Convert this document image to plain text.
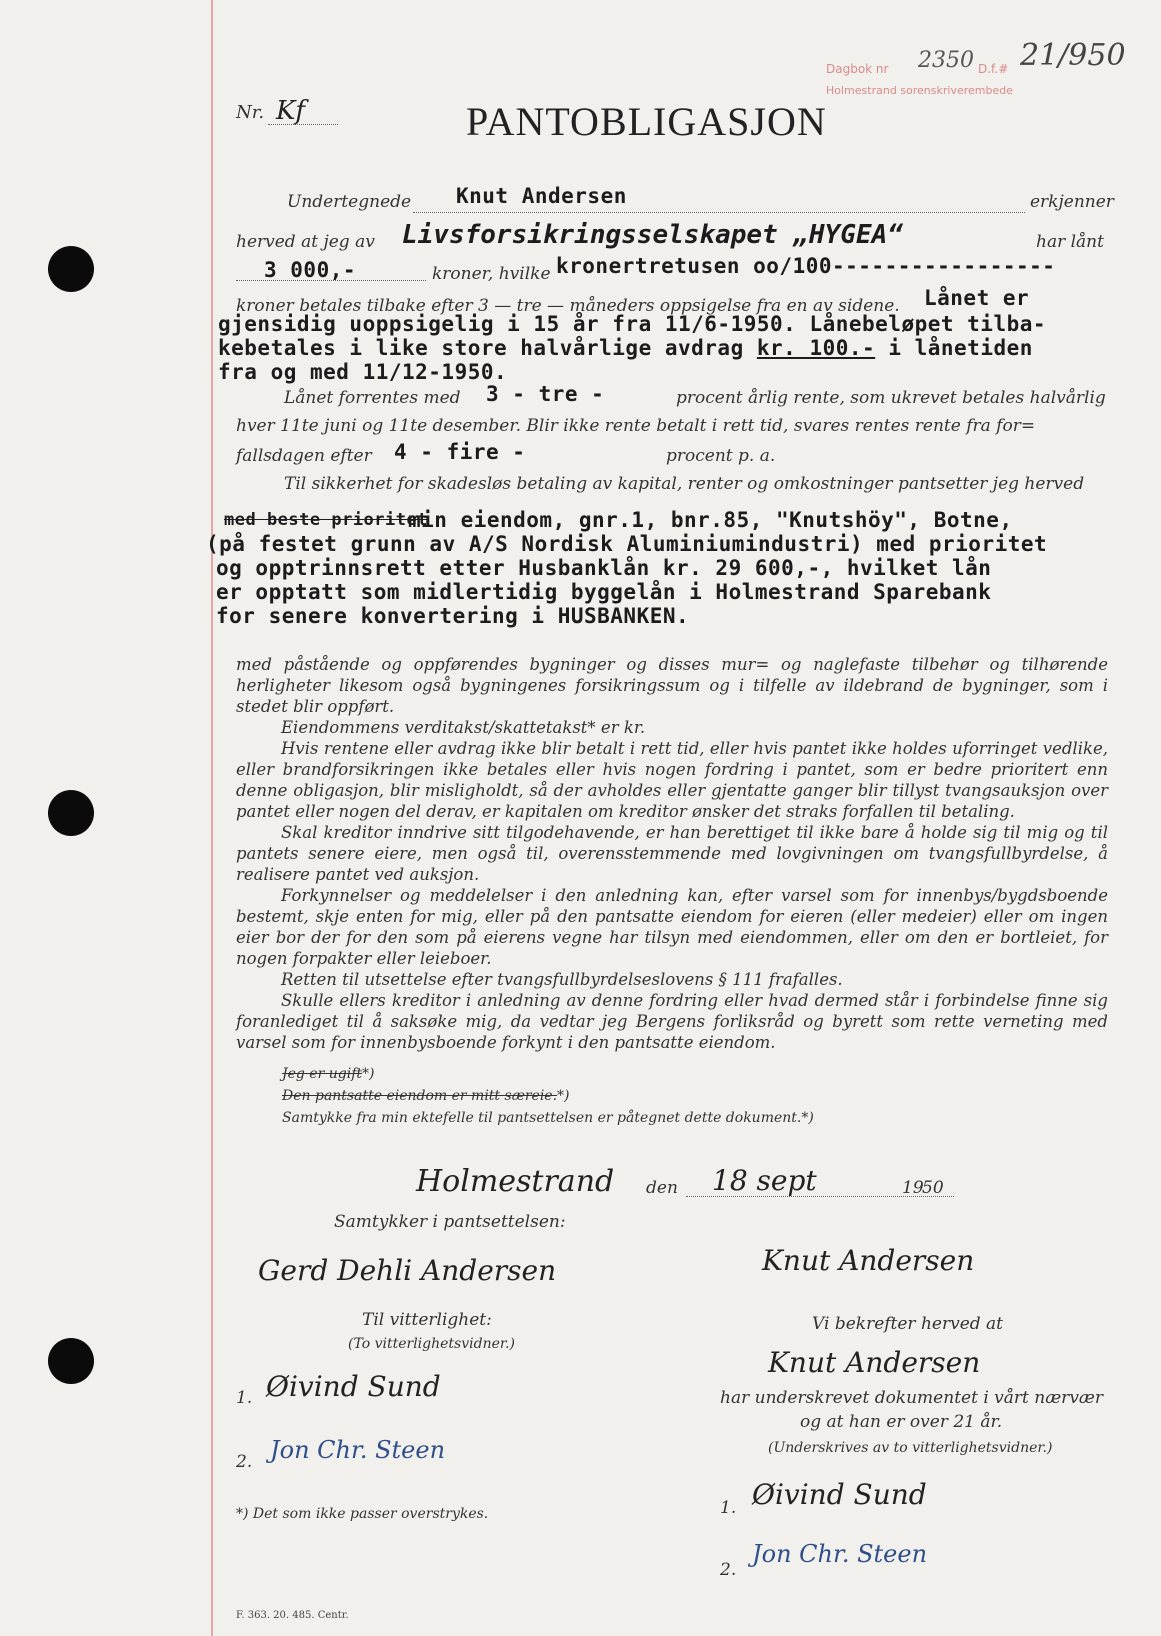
Dagbok nr 2350 D.f.#
Holmestrand sorenskriverembede
21/950
Nr. Kf	PANTOBLIGASJON
Undertegnede Knut Andersen	erkjenner
herved at jeg av Livsforsikringsselskapet „HYGEA“	har lånt
3 000,-	kroner, hvilke kronertretusen oo/100-----------------
kroner betales tilbake efter 3 — tre — måneders oppsigelse fra en av sidene. Lånet er
gjensidig uoppsigelig i 15 år fra 11/6-1950. Lånebeløpet tilba-
kebetales i like store halvårlige avdrag kr. 100.- i lånetiden
fra og med 11/12-1950.
Lånet forrentes med 3 - tre -	procent årlig rente, som ukrevet betales halvårlig
hver 11te juni og 11te desember. Blir ikke rente betalt i rett tid, svares rentes rente fra for=
fallsdagen efter 4 - fire -	procent p. a.
Til sikkerhet for skadesløs betaling av kapital, renter og omkostninger pantsetter jeg herved
med beste prioritet
min eiendom, gnr.1, bnr.85, "Knutshöy", Botne,
(på festet grunn av A/S Nordisk Aluminiumindustri) med prioritet
og opptrinnsrett etter Husbanklån kr. 29 600,-, hvilket lån
er opptatt som midlertidig byggelån i Holmestrand Sparebank
for senere konvertering i HUSBANKEN.

med påstående og oppførendes bygninger og disses mur= og naglefaste tilbehør og tilhørende herligheter likesom også bygningenes forsikringssum og i tilfelle av ildebrand de bygninger, som i stedet blir oppført.

Eiendommens verditakst/skattetakst* er kr.

Hvis rentene eller avdrag ikke blir betalt i rett tid, eller hvis pantet ikke holdes uforringet vedlike, eller brandforsikringen ikke betales eller hvis nogen fordring i pantet, som er bedre prioritert enn denne obligasjon, blir misligholdt, så der avholdes eller gjentatte ganger blir tillyst tvangsauksjon over pantet eller nogen del derav, er kapitalen om kreditor ønsker det straks forfallen til betaling.

Skal kreditor inndrive sitt tilgodehavende, er han berettiget til ikke bare å holde sig til mig og til pantets senere eiere, men også til, overensstemmende med lovgivningen om tvangsfullbyrdelse, å realisere pantet ved auksjon.

Forkynnelser og meddelelser i den anledning kan, efter varsel som for innenbys/bygdsboende bestemt, skje enten for mig, eller på den pantsatte eiendom for eieren (eller medeier) eller om ingen eier bor der for den som på eierens vegne har tilsyn med eiendommen, eller om den er bortleiet, for nogen forpakter eller leieboer.

Retten til utsettelse efter tvangsfullbyrdelseslovens § 111 frafalles.

Skulle ellers kreditor i anledning av denne fordring eller hvad dermed står i forbindelse finne sig foranlediget til å saksøke mig, da vedtar jeg Bergens forliksråd og byrett som rette verneting med varsel som for innenbysboende forkynt i den pantsatte eiendom.

Jeg er ugift*)
Den pantsatte eiendom er mitt særeie.*)
Samtykke fra min ektefelle til pantsettelsen er påtegnet dette dokument.*)
Holmestrand den 18 sept	19
50
Samtykker i pantsettelsen:
Gerd Dehli Andersen	Knut Andersen
Til vitterlighet:
(To vitterlighetsvidner.)
1. Øivind Sund
2. Jon Chr. Steen
*) Det som ikke passer overstrykes.
Vi bekrefter herved at
Knut Andersen
har underskrevet dokumentet i vårt nærvær
og at han er over 21 år.
(Underskrives av to vitterlighetsvidner.)
1. Øivind Sund
2.
Jon Chr. Steen
F. 363. 20. 485. Centr.
